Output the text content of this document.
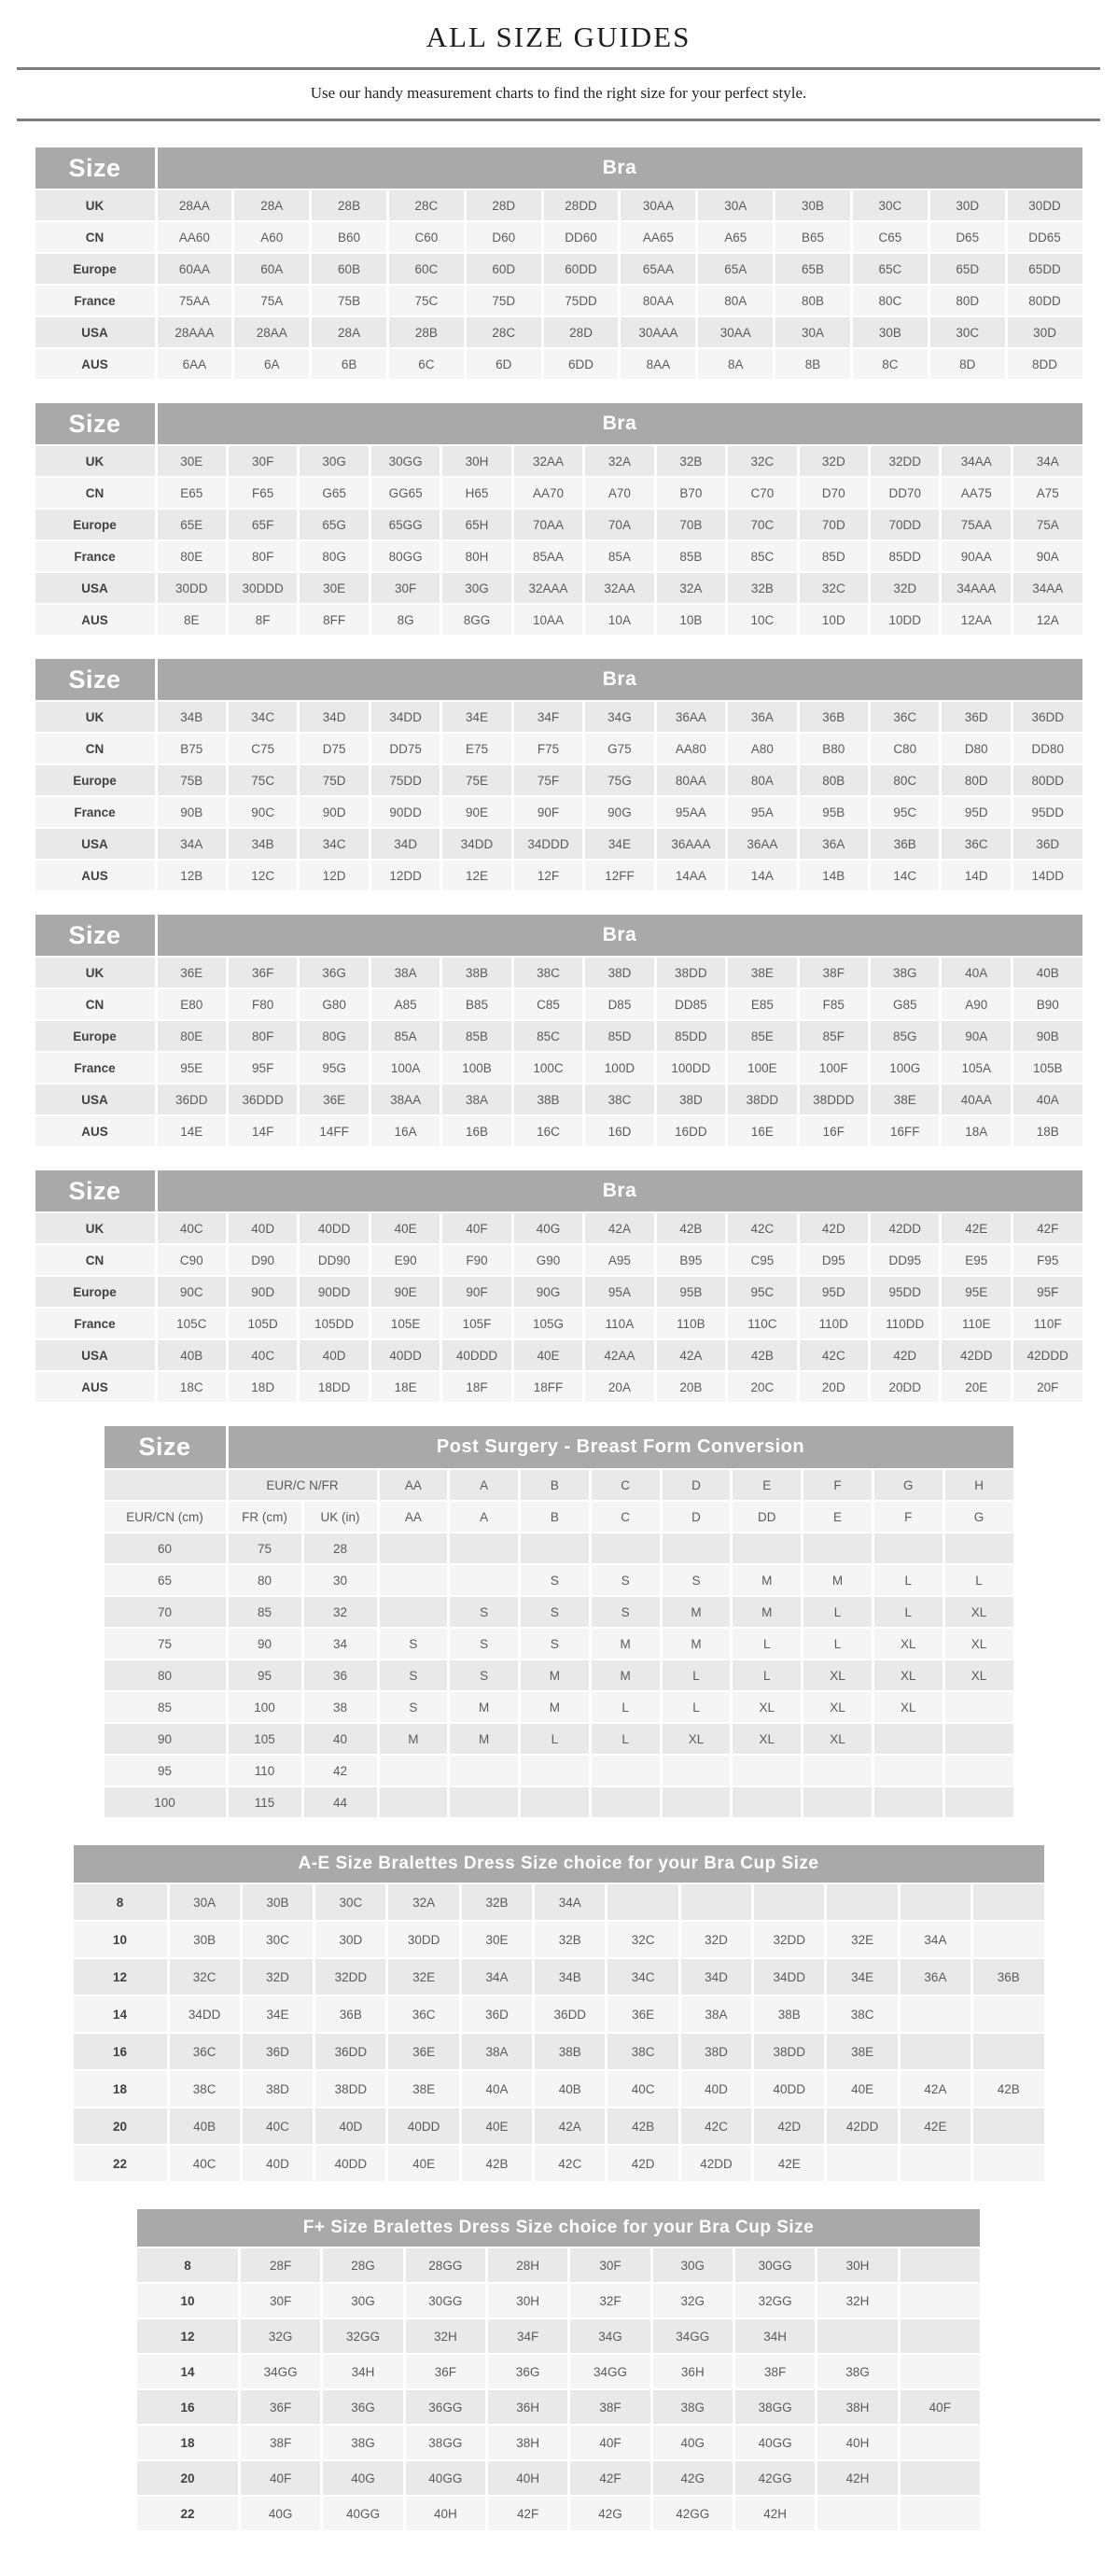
ALL SIZE GUIDES
Use our handy measurement charts to find the right size for your perfect style.
Size	Bra											
UK	28AA	28A	28B	28C	28D	28DD	30AA	30A	30B	30C	30D	30DD
CN	AA60	A60	B60	C60	D60	DD60	AA65	A65	B65	C65	D65	DD65
Europe	60AA	60A	60B	60C	60D	60DD	65AA	65A	65B	65C	65D	65DD
France	75AA	75A	75B	75C	75D	75DD	80AA	80A	80B	80C	80D	80DD
USA	28AAA	28AA	28A	28B	28C	28D	30AAA	30AA	30A	30B	30C	30D
AUS	6AA	6A	6B	6C	6D	6DD	8AA	8A	8B	8C	8D	8DD
Size	Bra												
UK	30E	30F	30G	30GG	30H	32AA	32A	32B	32C	32D	32DD	34AA	34A
CN	E65	F65	G65	GG65	H65	AA70	A70	B70	C70	D70	DD70	AA75	A75
Europe	65E	65F	65G	65GG	65H	70AA	70A	70B	70C	70D	70DD	75AA	75A
France	80E	80F	80G	80GG	80H	85AA	85A	85B	85C	85D	85DD	90AA	90A
USA	30DD	30DDD	30E	30F	30G	32AAA	32AA	32A	32B	32C	32D	34AAA	34AA
AUS	8E	8F	8FF	8G	8GG	10AA	10A	10B	10C	10D	10DD	12AA	12A
Size	Bra												
UK	34B	34C	34D	34DD	34E	34F	34G	36AA	36A	36B	36C	36D	36DD
CN	B75	C75	D75	DD75	E75	F75	G75	AA80	A80	B80	C80	D80	DD80
Europe	75B	75C	75D	75DD	75E	75F	75G	80AA	80A	80B	80C	80D	80DD
France	90B	90C	90D	90DD	90E	90F	90G	95AA	95A	95B	95C	95D	95DD
USA	34A	34B	34C	34D	34DD	34DDD	34E	36AAA	36AA	36A	36B	36C	36D
AUS	12B	12C	12D	12DD	12E	12F	12FF	14AA	14A	14B	14C	14D	14DD
Size	Bra												
UK	36E	36F	36G	38A	38B	38C	38D	38DD	38E	38F	38G	40A	40B
CN	E80	F80	G80	A85	B85	C85	D85	DD85	E85	F85	G85	A90	B90
Europe	80E	80F	80G	85A	85B	85C	85D	85DD	85E	85F	85G	90A	90B
France	95E	95F	95G	100A	100B	100C	100D	100DD	100E	100F	100G	105A	105B
USA	36DD	36DDD	36E	38AA	38A	38B	38C	38D	38DD	38DDD	38E	40AA	40A
AUS	14E	14F	14FF	16A	16B	16C	16D	16DD	16E	16F	16FF	18A	18B
Size	Bra												
UK	40C	40D	40DD	40E	40F	40G	42A	42B	42C	42D	42DD	42E	42F
CN	C90	D90	DD90	E90	F90	G90	A95	B95	C95	D95	DD95	E95	F95
Europe	90C	90D	90DD	90E	90F	90G	95A	95B	95C	95D	95DD	95E	95F
France	105C	105D	105DD	105E	105F	105G	110A	110B	110C	110D	110DD	110E	110F
USA	40B	40C	40D	40DD	40DDD	40E	42AA	42A	42B	42C	42D	42DD	42DDD
AUS	18C	18D	18DD	18E	18F	18FF	20A	20B	20C	20D	20DD	20E	20F
Size	Post Surgery - Breast Form Conversion										
	EUR/C N/FR		AA	A	B	C	D	E	F	G	H
EUR/CN (cm)	FR (cm)	UK (in)	AA	A	B	C	D	DD	E	F	G
60	75	28									
65	80	30			S	S	S	M	M	L	L
70	85	32		S	S	S	M	M	L	L	XL
75	90	34	S	S	S	M	M	L	L	XL	XL
80	95	36	S	S	M	M	L	L	XL	XL	XL
85	100	38	S	M	M	L	L	XL	XL	XL	
90	105	40	M	M	L	L	XL	XL	XL		
95	110	42									
100	115	44									
A-E Size Bralettes Dress Size choice for your Bra Cup Size												
8	30A	30B	30C	32A	32B	34A						
10	30B	30C	30D	30DD	30E	32B	32C	32D	32DD	32E	34A	
12	32C	32D	32DD	32E	34A	34B	34C	34D	34DD	34E	36A	36B
14	34DD	34E	36B	36C	36D	36DD	36E	38A	38B	38C		
16	36C	36D	36DD	36E	38A	38B	38C	38D	38DD	38E		
18	38C	38D	38DD	38E	40A	40B	40C	40D	40DD	40E	42A	42B
20	40B	40C	40D	40DD	40E	42A	42B	42C	42D	42DD	42E	
22	40C	40D	40DD	40E	42B	42C	42D	42DD	42E			
F+ Size Bralettes Dress Size choice for your Bra Cup Size									
8	28F	28G	28GG	28H	30F	30G	30GG	30H	
10	30F	30G	30GG	30H	32F	32G	32GG	32H	
12	32G	32GG	32H	34F	34G	34GG	34H		
14	34GG	34H	36F	36G	34GG	36H	38F	38G	
16	36F	36G	36GG	36H	38F	38G	38GG	38H	40F
18	38F	38G	38GG	38H	40F	40G	40GG	40H	
20	40F	40G	40GG	40H	42F	42G	42GG	42H	
22	40G	40GG	40H	42F	42G	42GG	42H		
